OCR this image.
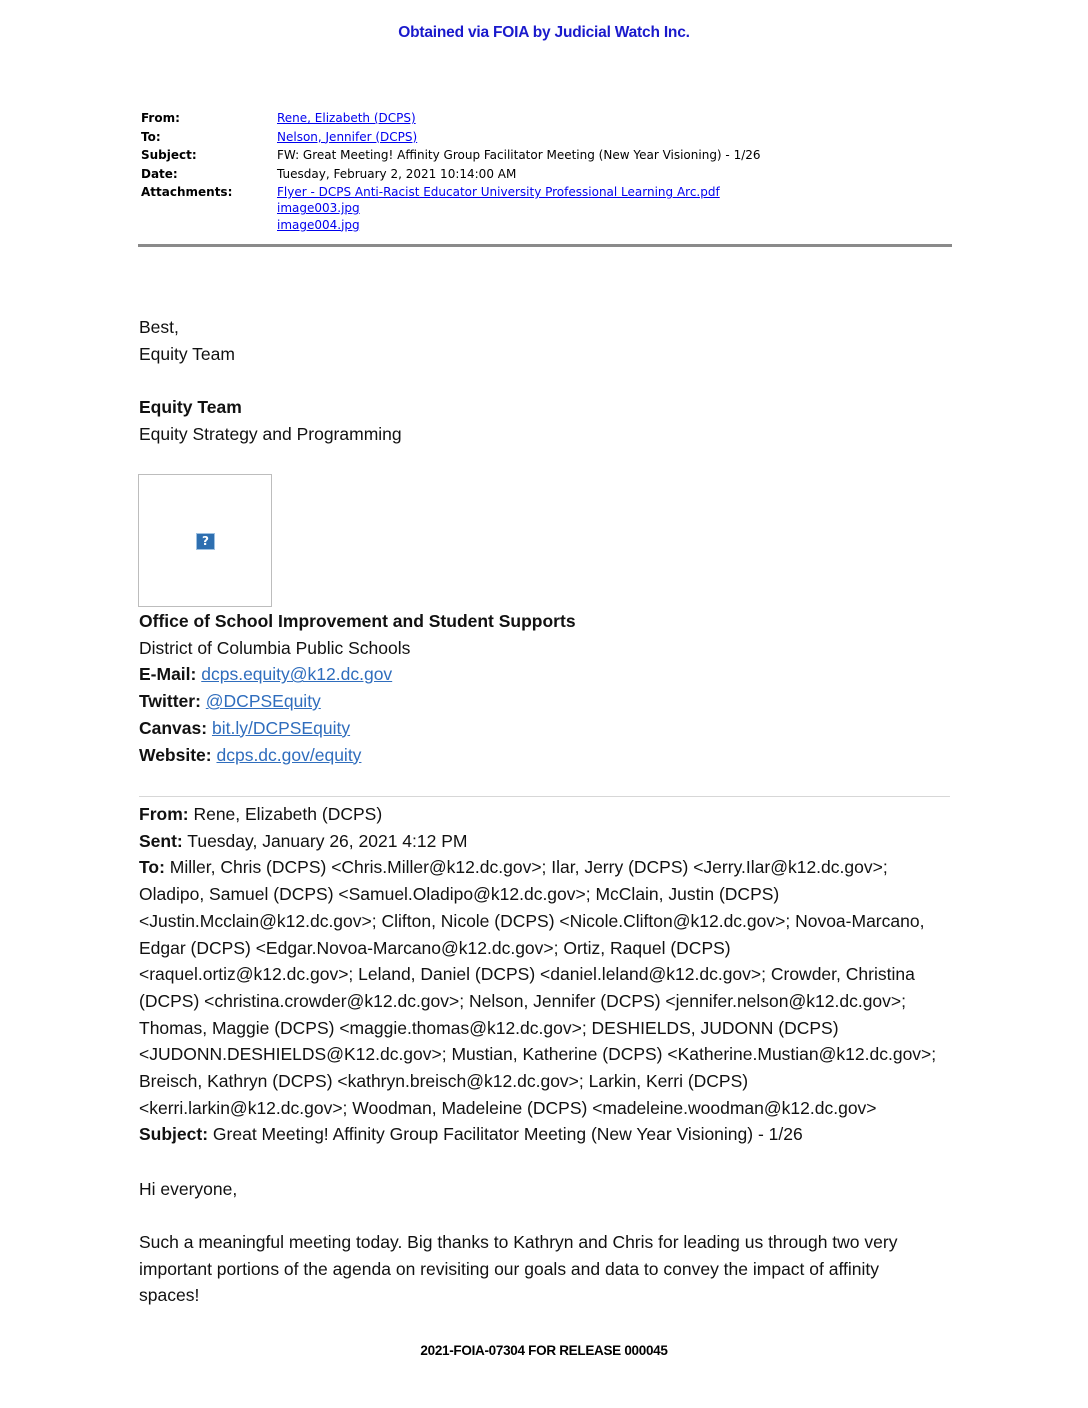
Obtained via FOIA by Judicial Watch Inc.
From:	Rene, Elizabeth (DCPS)
To:	Nelson, Jennifer (DCPS)
Subject:	FW: Great Meeting! Affinity Group Facilitator Meeting (New Year Visioning) - 1/26
Date:	Tuesday, February 2, 2021 10:14:00 AM
Attachments:	Flyer - DCPS Anti-Racist Educator University Professional Learning Arc.pdf
image003.jpg
image004.jpg
Best,
Equity Team
Equity Team
Equity Strategy and Programming
?
Office of School Improvement and Student Supports
District of Columbia Public Schools
E-Mail: dcps.equity@k12.dc.gov
Twitter: @DCPSEquity
Canvas: bit.ly/DCPSEquity
Website: dcps.dc.gov/equity
From: Rene, Elizabeth (DCPS)
Sent: Tuesday, January 26, 2021 4:12 PM
To: Miller, Chris (DCPS) <Chris.Miller@k12.dc.gov>; Ilar, Jerry (DCPS) <Jerry.Ilar@k12.dc.gov>;
Oladipo, Samuel (DCPS) <Samuel.Oladipo@k12.dc.gov>; McClain, Justin (DCPS)
<Justin.Mcclain@k12.dc.gov>; Clifton, Nicole (DCPS) <Nicole.Clifton@k12.dc.gov>; Novoa-Marcano,
Edgar (DCPS) <Edgar.Novoa-Marcano@k12.dc.gov>; Ortiz, Raquel (DCPS)
<raquel.ortiz@k12.dc.gov>; Leland, Daniel (DCPS) <daniel.leland@k12.dc.gov>; Crowder, Christina
(DCPS) <christina.crowder@k12.dc.gov>; Nelson, Jennifer (DCPS) <jennifer.nelson@k12.dc.gov>;
Thomas, Maggie (DCPS) <maggie.thomas@k12.dc.gov>; DESHIELDS, JUDONN (DCPS)
<JUDONN.DESHIELDS@K12.dc.gov>; Mustian, Katherine (DCPS) <Katherine.Mustian@k12.dc.gov>;
Breisch, Kathryn (DCPS) <kathryn.breisch@k12.dc.gov>; Larkin, Kerri (DCPS)
<kerri.larkin@k12.dc.gov>; Woodman, Madeleine (DCPS) <madeleine.woodman@k12.dc.gov>
Subject: Great Meeting! Affinity Group Facilitator Meeting (New Year Visioning) - 1/26
Hi everyone,
Such a meaningful meeting today. Big thanks to Kathryn and Chris for leading us through two very
important portions of the agenda on revisiting our goals and data to convey the impact of affinity
spaces!
2021-FOIA-07304 FOR RELEASE 000045
